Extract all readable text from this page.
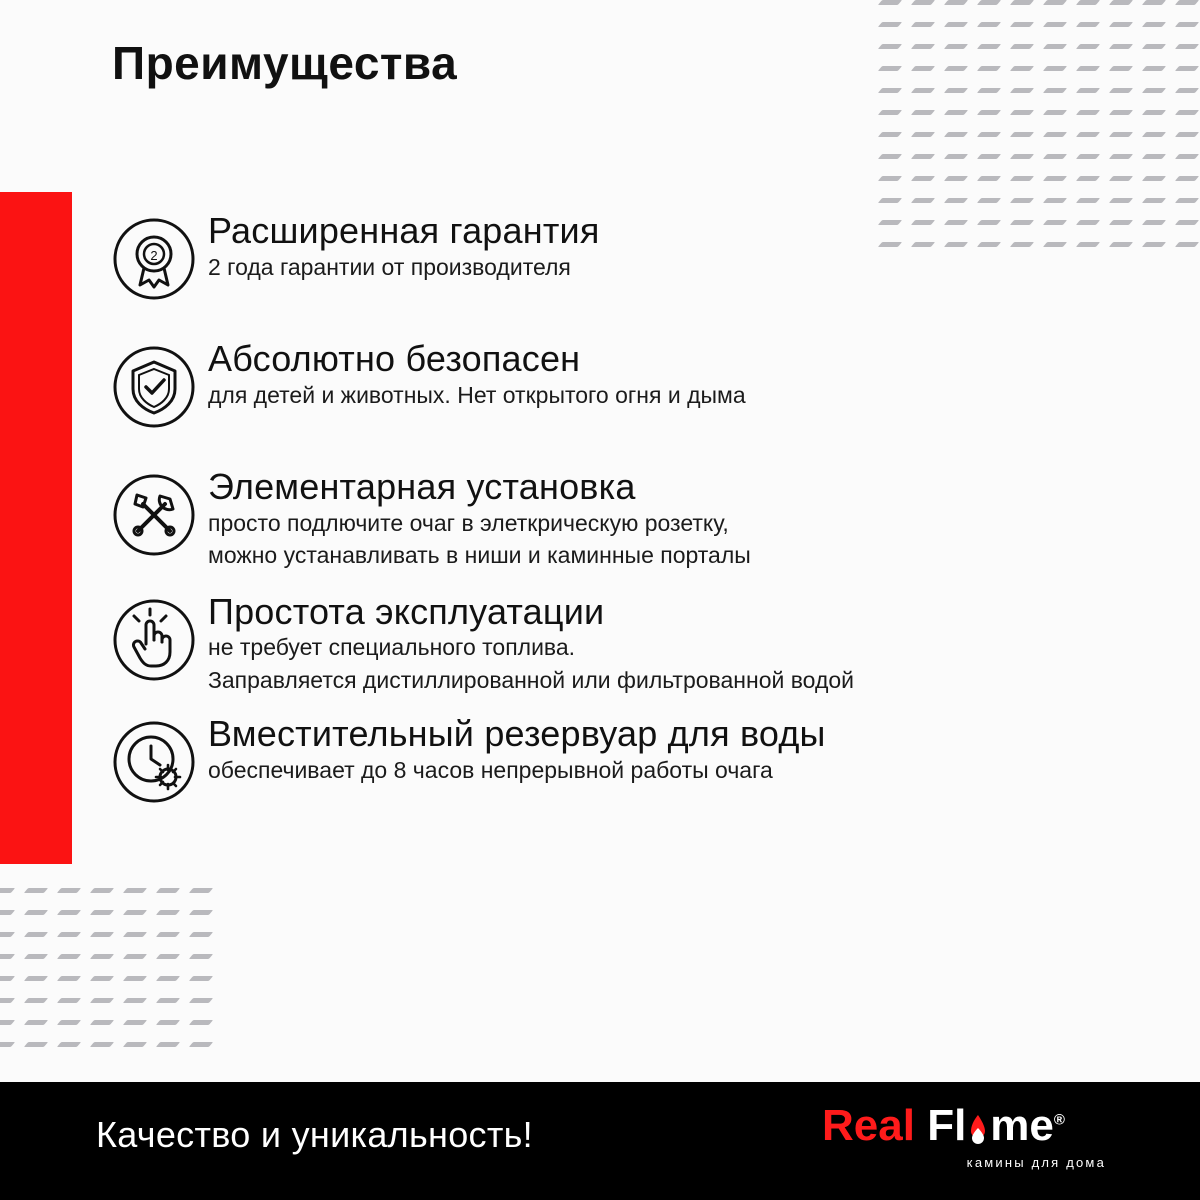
Преимущества
2
Расширенная гарантия
2 года гарантии от производителя
Абсолютно безопасен
для детей и животных. Нет открытого огня и дыма
Элементарная установка
просто подлючите очаг в элеткрическую розетку,
можно устанавливать в ниши и каминные порталы
Простота эксплуатации
не требует специального топлива.
Заправляется дистиллированной или фильтрованной водой
Вместительный резервуар для воды
обеспечивает до 8 часов непрерывной работы очага
Качество и уникальность!	Real Fl me®
камины для дома
